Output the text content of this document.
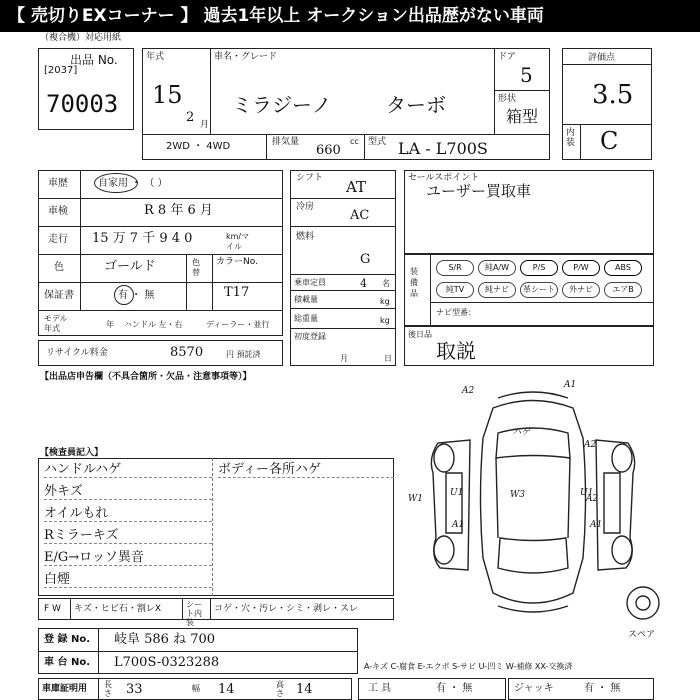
【 売切りEXコーナー 】 過去1年以上 オークション出品歴がない車両
（複合機）対応用紙
出品 No.
[2037]
70003
年式
15
2 月
車名・グレード
ミラジーノ	ターボ
ドア
5
形状
箱型
2WD ・ 4WD	排気量	cc
660
型式 LA - L700S
評価点
3.5
内装 C
車歴	自家用 ・ （ ）
車検	R 8 年 6 月
走行 15 万 7 千 9 4 0	km/マイル
色	ゴールド	色替
カラーNo.
保証書	有 ・ 無	T17
モデル年式	年 ハンドル 左・右	ディーラー・並行
リサイクル料金	8570	円 預託済
シフト AT
冷房
AC
燃料
G
乗車定員	4 名
積載量	kg
総重量	kg
初度登録
月	日
セールスポイント
ユーザー買取車
装備品
S/R	純A/W	P/S	P/W	ABS
純TV	純ナビ	革シート	外ナビ	エアB
ナビ型番：
後日品
取説
【出品店申告欄（不具合箇所・欠品・注意事項等）】
【検査員記入】
ハンドルハゲ
外キズ
オイルもれ
Rミラーキズ
E/G→ロッソ異音
白煙
ボディー各所ハゲ
A2
A1
ハゲ
A2
W1
U1	W3	U1
A2
A1	A1
スペア
F W キズ・ヒビ石・割レX	シート内装
コゲ・穴・汚レ・シミ・剥レ・スレ
登 録 No. 岐阜 586 ね 700
車 台 No. L700S-0323288	A-キズ C-腐食 E-エクボ S-サビ U-凹ミ W-補修 XX-交換済
車庫証明用 長さ 33	幅 14	高さ 14	工 具	有 ・ 無	ジャッキ	有 ・ 無
